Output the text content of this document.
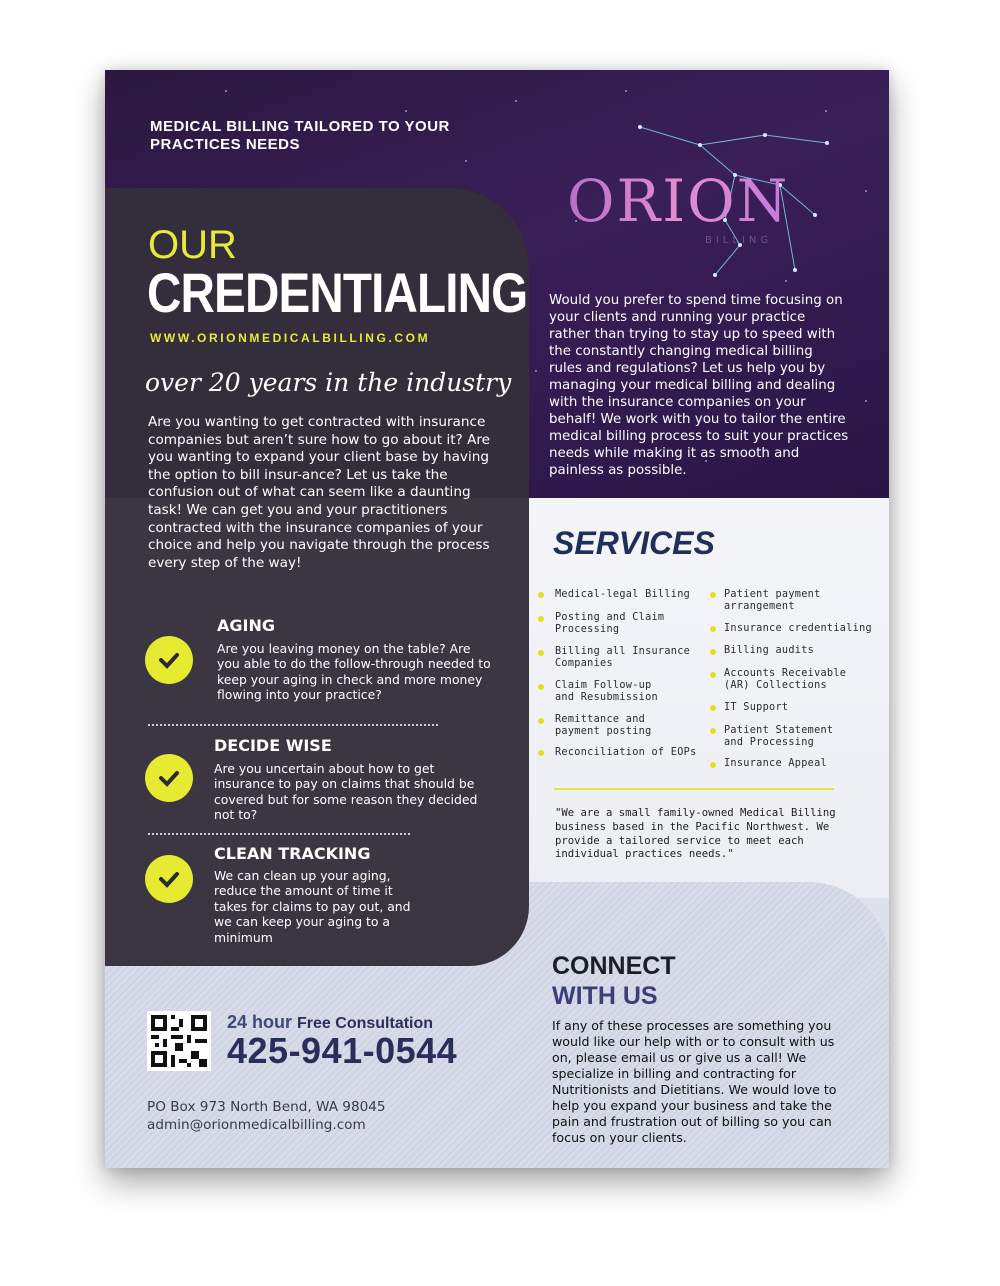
MEDICAL BILLING TAILORED TO YOUR PRACTICES NEEDS
ORION
BILLING
Would you prefer to spend time focusing on your clients and running your practice rather than trying to stay up to speed with the constantly changing medical billing rules and regulations? Let us help you by managing your medical billing and dealing with the insurance companies on your behalf! We work with you to tailor the entire medical billing process to suit your practices needs while making it as smooth and painless as possible.
OUR
CREDENTIALING
WWW.ORIONMEDICALBILLING.COM
over 20 years in the industry
Are you wanting to get contracted with insurance companies but aren’t sure how to go about it? Are you wanting to expand your client base by having the option to bill insur-ance? Let us take the confusion out of what can seem like a daunting task! We can get you and your practitioners contracted with the insurance companies of your choice and help you navigate through the process every step of the way!
AGING
Are you leaving money on the table? Are you able to do the follow-through needed to keep your aging in check and more money flowing into your practice?
DECIDE WISE
Are you uncertain about how to get insurance to pay on claims that should be covered but for some reason they decided not to?
CLEAN TRACKING
We can clean up your aging, reduce the amount of time it takes for claims to pay out, and we can keep your aging to a minimum
SERVICES
Medical-legal Billing
Posting and Claim Processing
Billing all Insurance Companies
Claim Follow-up and Resubmission
Remittance and payment posting
Reconciliation of EOPs
Patient payment arrangement
Insurance credentialing
Billing audits
Accounts Receivable (AR) Collections
IT Support
Patient Statement and Processing
Insurance Appeal
"We are a small family-owned Medical Billing business based in the Pacific Northwest. We provide a tailored service to meet each individual practices needs."
CONNECT
WITH US
If any of these processes are something you would like our help with or to consult with us on, please email us or give us a call! We specialize in billing and contracting for Nutritionists and Dietitians. We would love to help you expand your business and take the pain and frustration out of billing so you can focus on your clients.
24 hour Free Consultation
425-941-0544
PO Box 973 North Bend, WA 98045
admin@orionmedicalbilling.com
